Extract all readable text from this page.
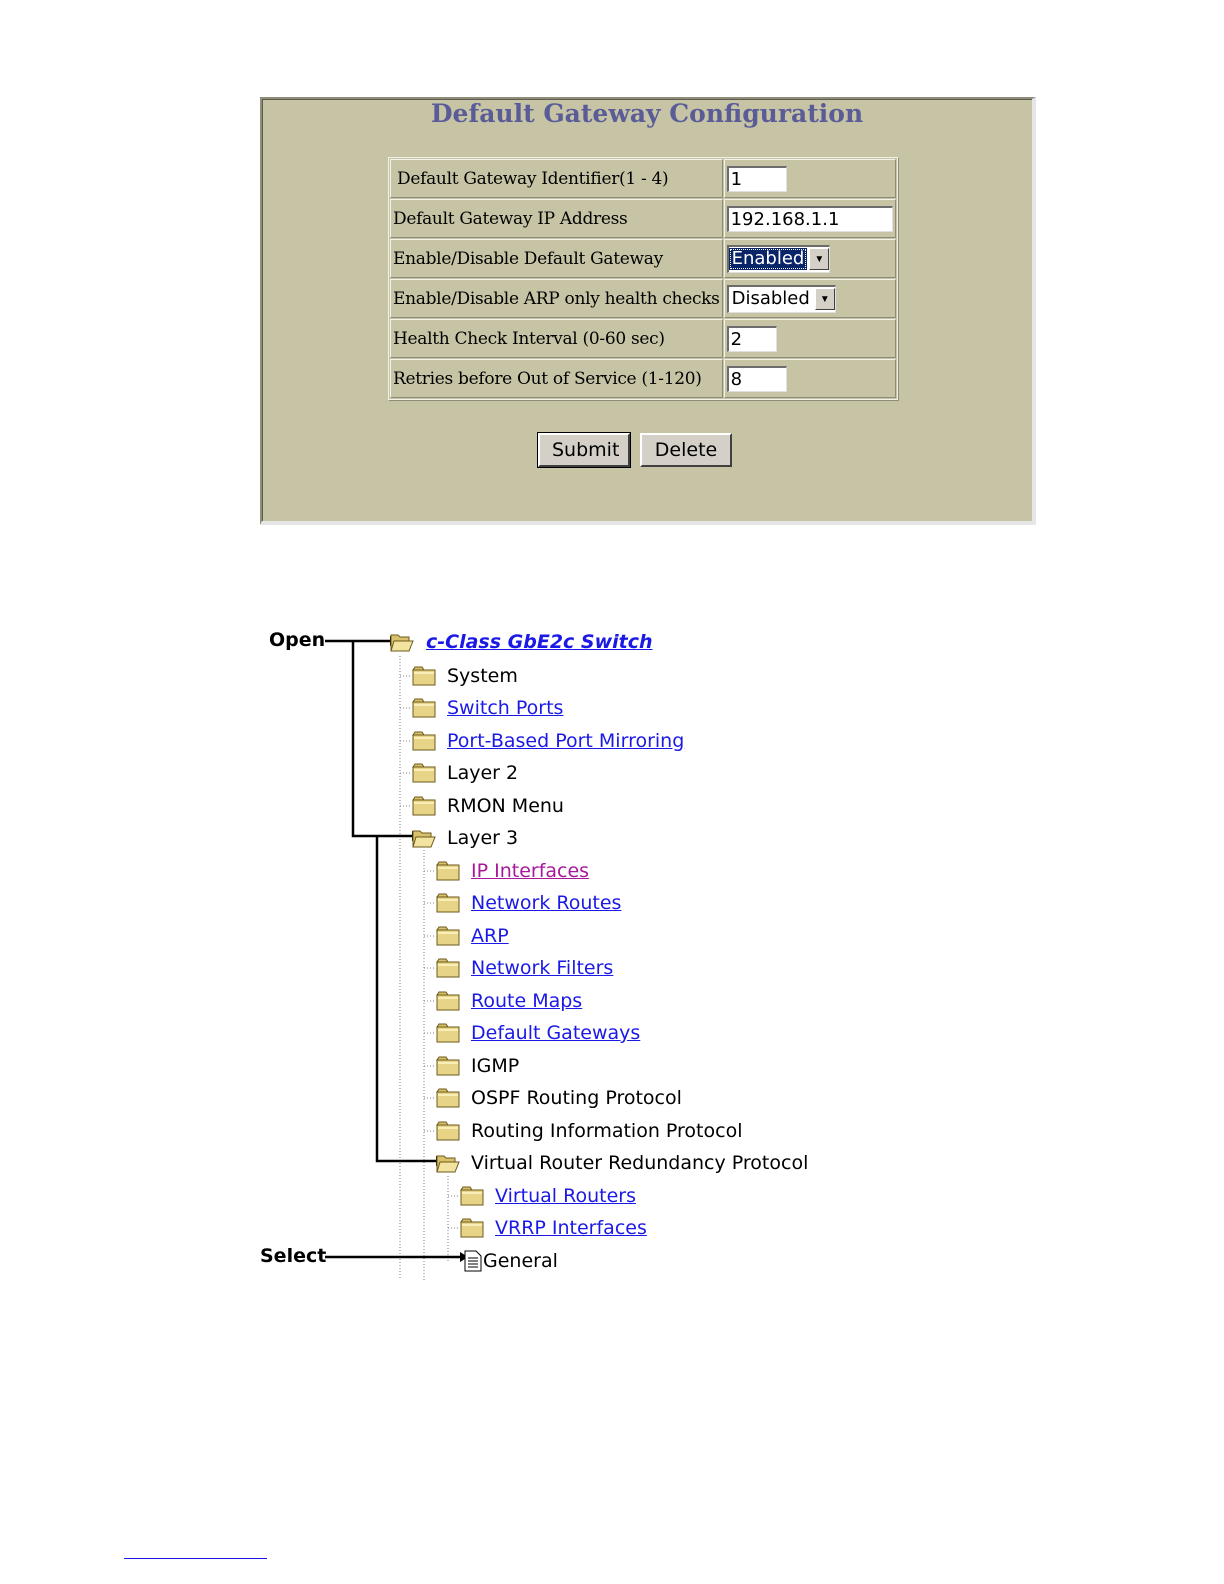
Default Gateway Configuration
Default Gateway Identifier(1 - 4)	1

Default Gateway IP Address	192.168.1.1

Enable/Disable Default Gateway	Enabled ▼

Enable/Disable ARP only health checks	Disabled ▼

Health Check Interval (0-60 sec)	2

Retries before Out of Service (1-120)	8
Submit	Delete
Open
Select
c-Class GbE2c Switch
System
Switch Ports
Port-Based Port Mirroring
Layer 2
RMON Menu
Layer 3
IP Interfaces
Network Routes
ARP
Network Filters
Route Maps
Default Gateways
IGMP
OSPF Routing Protocol
Routing Information Protocol
Virtual Router Redundancy Protocol
Virtual Routers
VRRP Interfaces
General
